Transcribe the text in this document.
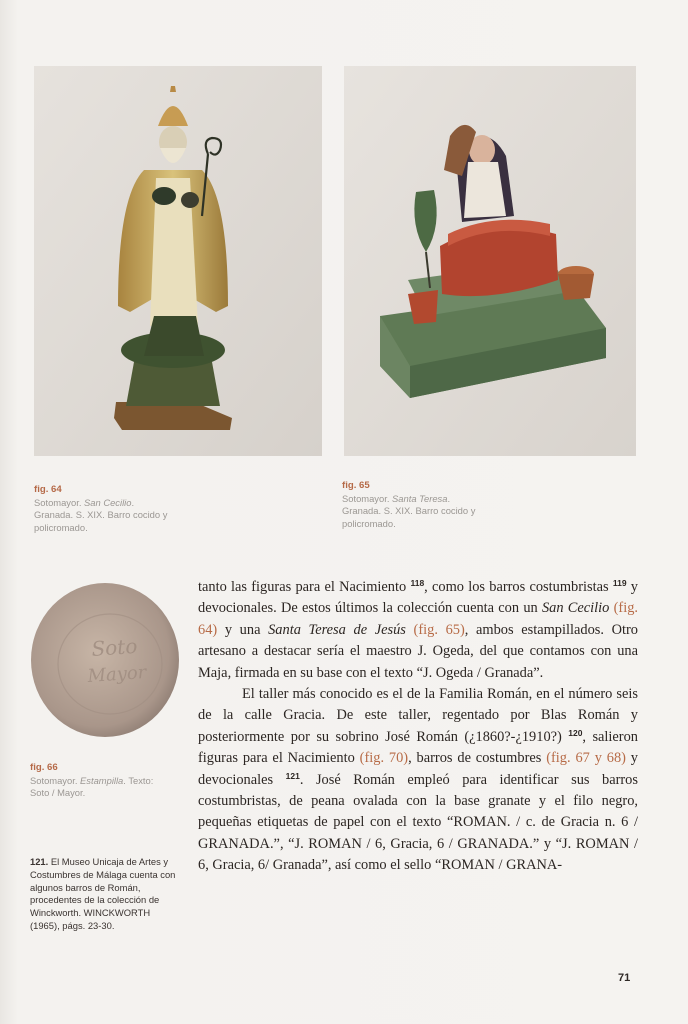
fig. 64
Sotomayor. San Cecilio.
Granada. S. XIX. Barro cocido y policromado.
fig. 65
Sotomayor. Santa Teresa.
Granada. S. XIX. Barro cocido y policromado.
Soto
Mayor
fig. 66
Sotomayor. Estampilla. Texto:
Soto / Mayor.
121. El Museo Unicaja de Artes y Costumbres de Málaga cuenta con algunos barros de Román, procedentes de la colección de Winckworth. WINCKWORTH (1965), págs. 23-30.

tanto las figuras para el Nacimiento $^{118}$, como los barros costumbristas $^{119}$ y devocionales. De estos últimos la colección cuenta con un San Cecilio (fig. 64) y una Santa Teresa de Jesús (fig. 65), ambos estampillados. Otro artesano a destacar sería el maestro J. Ogeda, del que contamos con una Maja, firmada en su base con el texto “J. Ogeda / Granada”.

El taller más conocido es el de la Familia Román, en el número seis de la calle Gracia. De este taller, regentado por Blas Román y posteriormente por su sobrino José Román (¿1860?-¿1910?) $^{120}$, salieron figuras para el Nacimiento (fig. 70), barros de costumbres (fig. 67 y 68) y devocionales $^{121}$. José Román empleó para identificar sus barros costumbristas, de peana ovalada con la base granate y el filo negro, pequeñas etiquetas de papel con el texto “ROMAN. / c. de Gracia n. 6 / GRANADA.”, “J. ROMAN / 6, Gracia, 6 / GRANADA.” y “J. ROMAN / 6, Gracia, 6/ Granada”, así como el sello “ROMAN / GRANA-

71
